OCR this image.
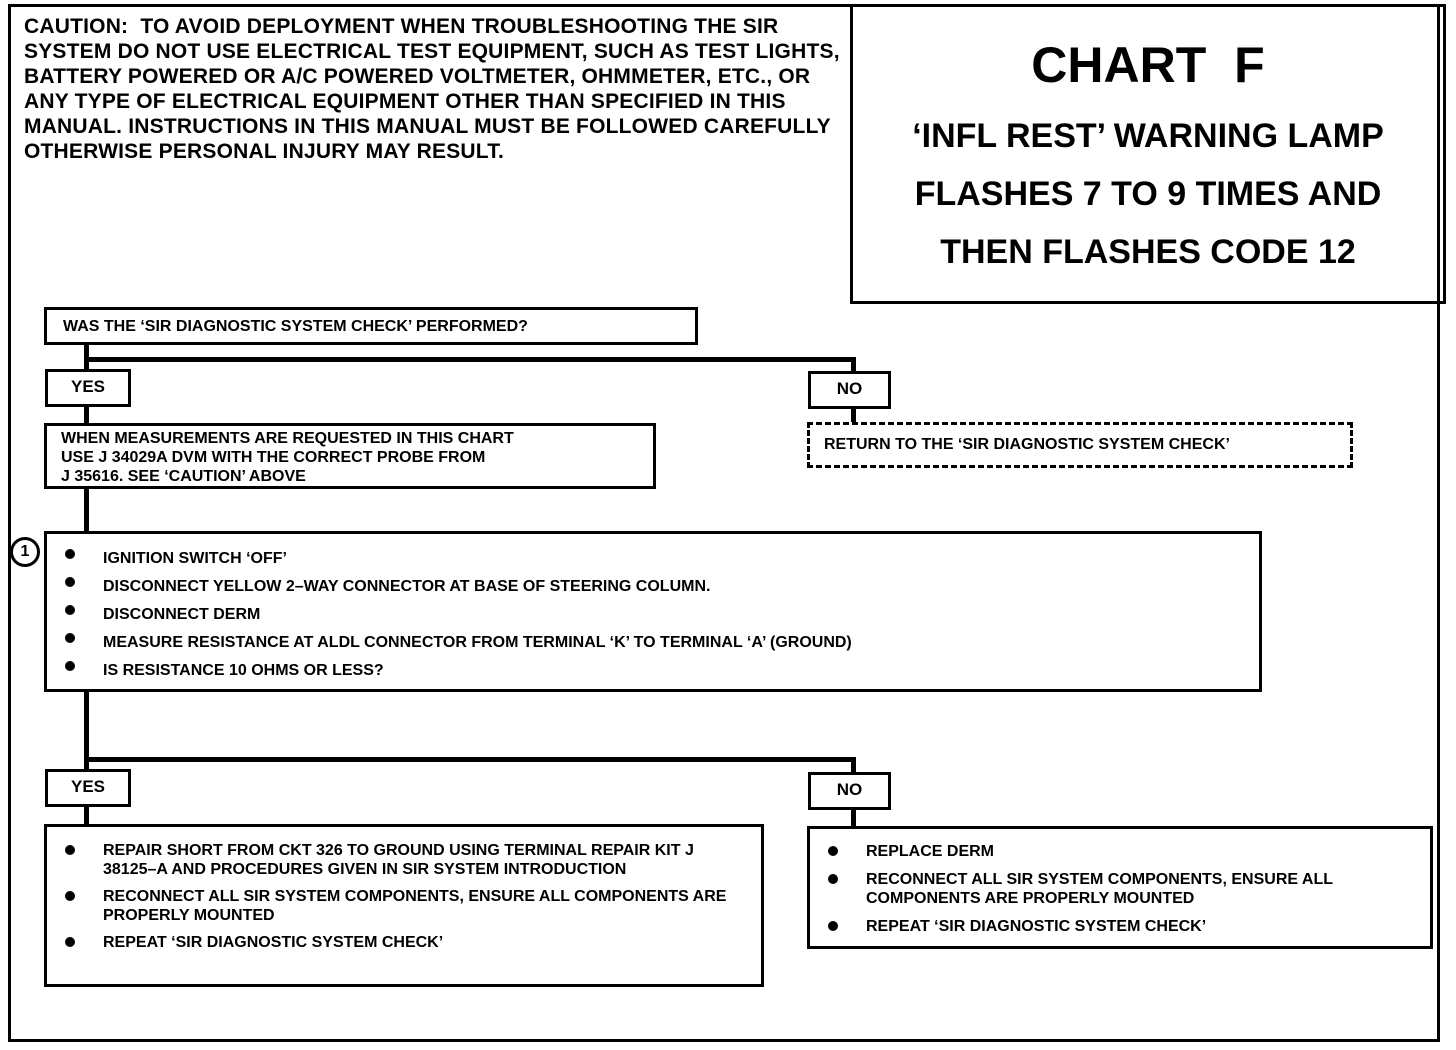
CAUTION: TO AVOID DEPLOYMENT WHEN TROUBLESHOOTING THE SIR SYSTEM DO NOT USE ELECTRICAL TEST EQUIPMENT, SUCH AS TEST LIGHTS, BATTERY POWERED OR A/C POWERED VOLTMETER, OHMMETER, ETC., OR ANY TYPE OF ELECTRICAL EQUIPMENT OTHER THAN SPECIFIED IN THIS MANUAL. INSTRUCTIONS IN THIS MANUAL MUST BE FOLLOWED CAREFULLY OTHERWISE PERSONAL INJURY MAY RESULT.

CHART F
‘INFL REST’ WARNING LAMP
FLASHES 7 TO 9 TIMES AND
THEN FLASHES CODE 12
WAS THE ‘SIR DIAGNOSTIC SYSTEM CHECK’ PERFORMED?
YES	NO
WHEN MEASUREMENTS ARE REQUESTED IN THIS CHART
USE J 34029A DVM WITH THE CORRECT PROBE FROM
J 35616. SEE ‘CAUTION’ ABOVE
RETURN TO THE ‘SIR DIAGNOSTIC SYSTEM CHECK’
1	IGNITION SWITCH ‘OFF’
DISCONNECT YELLOW 2–WAY CONNECTOR AT BASE OF STEERING COLUMN.
DISCONNECT DERM
MEASURE RESISTANCE AT ALDL CONNECTOR FROM TERMINAL ‘K’ TO TERMINAL ‘A’ (GROUND)
IS RESISTANCE 10 OHMS OR LESS?
YES	NO
REPAIR SHORT FROM CKT 326 TO GROUND USING TERMINAL REPAIR KIT J 38125–A AND PROCEDURES GIVEN IN SIR SYSTEM INTRODUCTION
RECONNECT ALL SIR SYSTEM COMPONENTS, ENSURE ALL COMPONENTS ARE PROPERLY MOUNTED
REPEAT ‘SIR DIAGNOSTIC SYSTEM CHECK’
REPLACE DERM
RECONNECT ALL SIR SYSTEM COMPONENTS, ENSURE ALL COMPONENTS ARE PROPERLY MOUNTED
REPEAT ‘SIR DIAGNOSTIC SYSTEM CHECK’
